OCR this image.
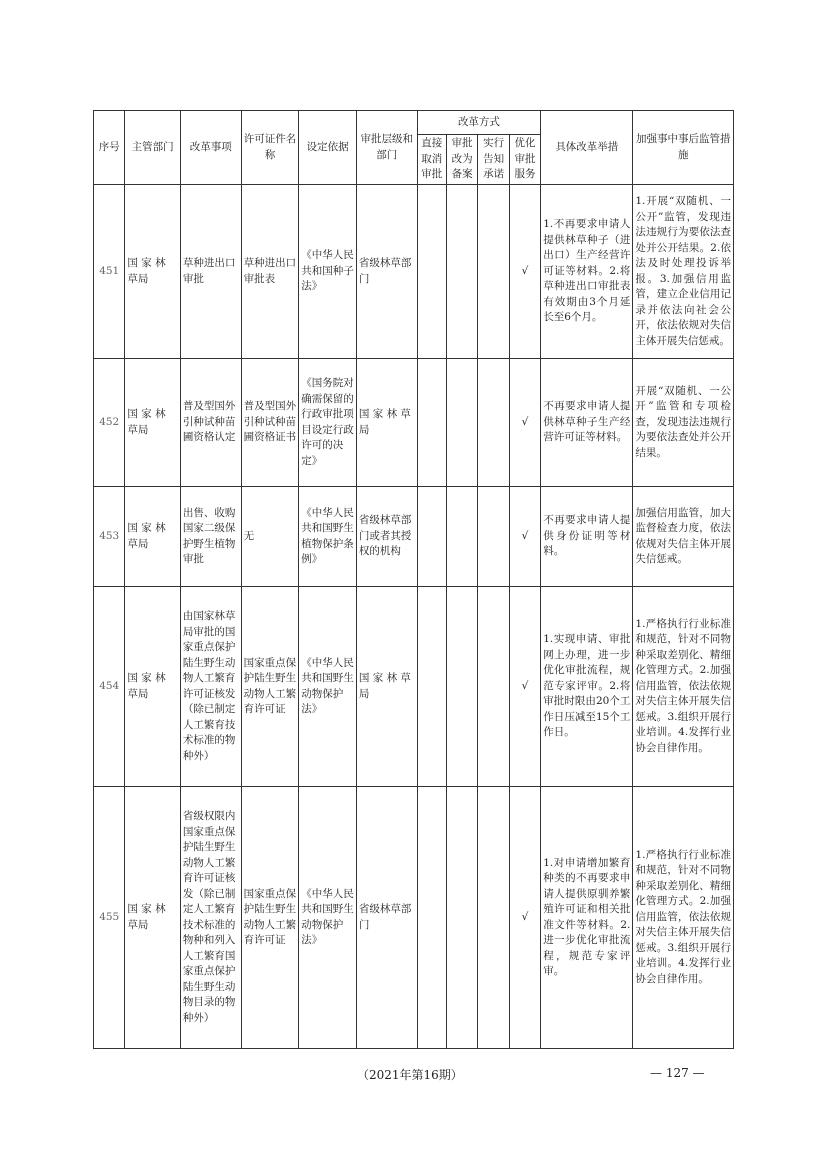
序号	主管部门	改革事项	许可证件名称	设定依据	审批层级和部门	改革方式				具体改革举措	加强事中事后监管措施
						直接取消审批	审批改为备案	实行告知承诺	优化审批服务		
451	国 家 林 草局	草种进出口审批	草种进出口审批表	《中华人民共和国种子法》	省级林草部门				√	1.不再要求申请人提供林草种子（进出口）生产经营许可证等材料。2.将草种进出口审批表有效期由3个月延长至6个月。	1.开展“双随机、一公开”监管，发现违法违规行为要依法查处并公开结果。2.依法及时处理投诉举报。3.加强信用监管，建立企业信用记录并依法向社会公开，依法依规对失信主体开展失信惩戒。
452	国 家 林 草局	普及型国外引种试种苗圃资格认定	普及型国外引种试种苗圃资格证书	《国务院对确需保留的行政审批项目设定行政许可的决定》	国 家 林 草局				√	不再要求申请人提供林草种子生产经营许可证等材料。	开展“双随机、一公开”监管和专项检查，发现违法违规行为要依法查处并公开结果。
453	国 家 林 草局	出售、收购国家二级保护野生植物审批	无	《中华人民共和国野生植物保护条例》	省级林草部门或者其授权的机构				√	不再要求申请人提供身份证明等材料。	加强信用监管，加大监督检查力度，依法依规对失信主体开展失信惩戒。
454	国 家 林 草局	由国家林草局审批的国家重点保护陆生野生动物人工繁育许可证核发（除已制定人工繁育技术标准的物种外）	国家重点保护陆生野生动物人工繁育许可证	《中华人民共和国野生动物保护法》	国 家 林 草局				√	1.实现申请、审批网上办理，进一步优化审批流程，规范专家评审。2.将审批时限由20个工作日压减至15个工作日。	1.严格执行行业标准和规范，针对不同物种采取差别化、精细化管理方式。2.加强信用监管，依法依规对失信主体开展失信惩戒。3.组织开展行业培训。4.发挥行业协会自律作用。
455	国 家 林 草局	省级权限内国家重点保护陆生野生动物人工繁育许可证核发（除已制定人工繁育技术标准的物种和列入人工繁育国家重点保护陆生野生动物目录的物种外）	国家重点保护陆生野生动物人工繁育许可证	《中华人民共和国野生动物保护法》	省级林草部门				√	1.对申请增加繁育种类的不再要求申请人提供原驯养繁殖许可证和相关批准文件等材料。2.进一步优化审批流程，规范专家评审。	1.严格执行行业标准和规范，针对不同物种采取差别化、精细化管理方式。2.加强信用监管，依法依规对失信主体开展失信惩戒。3.组织开展行业培训。4.发挥行业协会自律作用。
（2021年第16期）	— 127 —
